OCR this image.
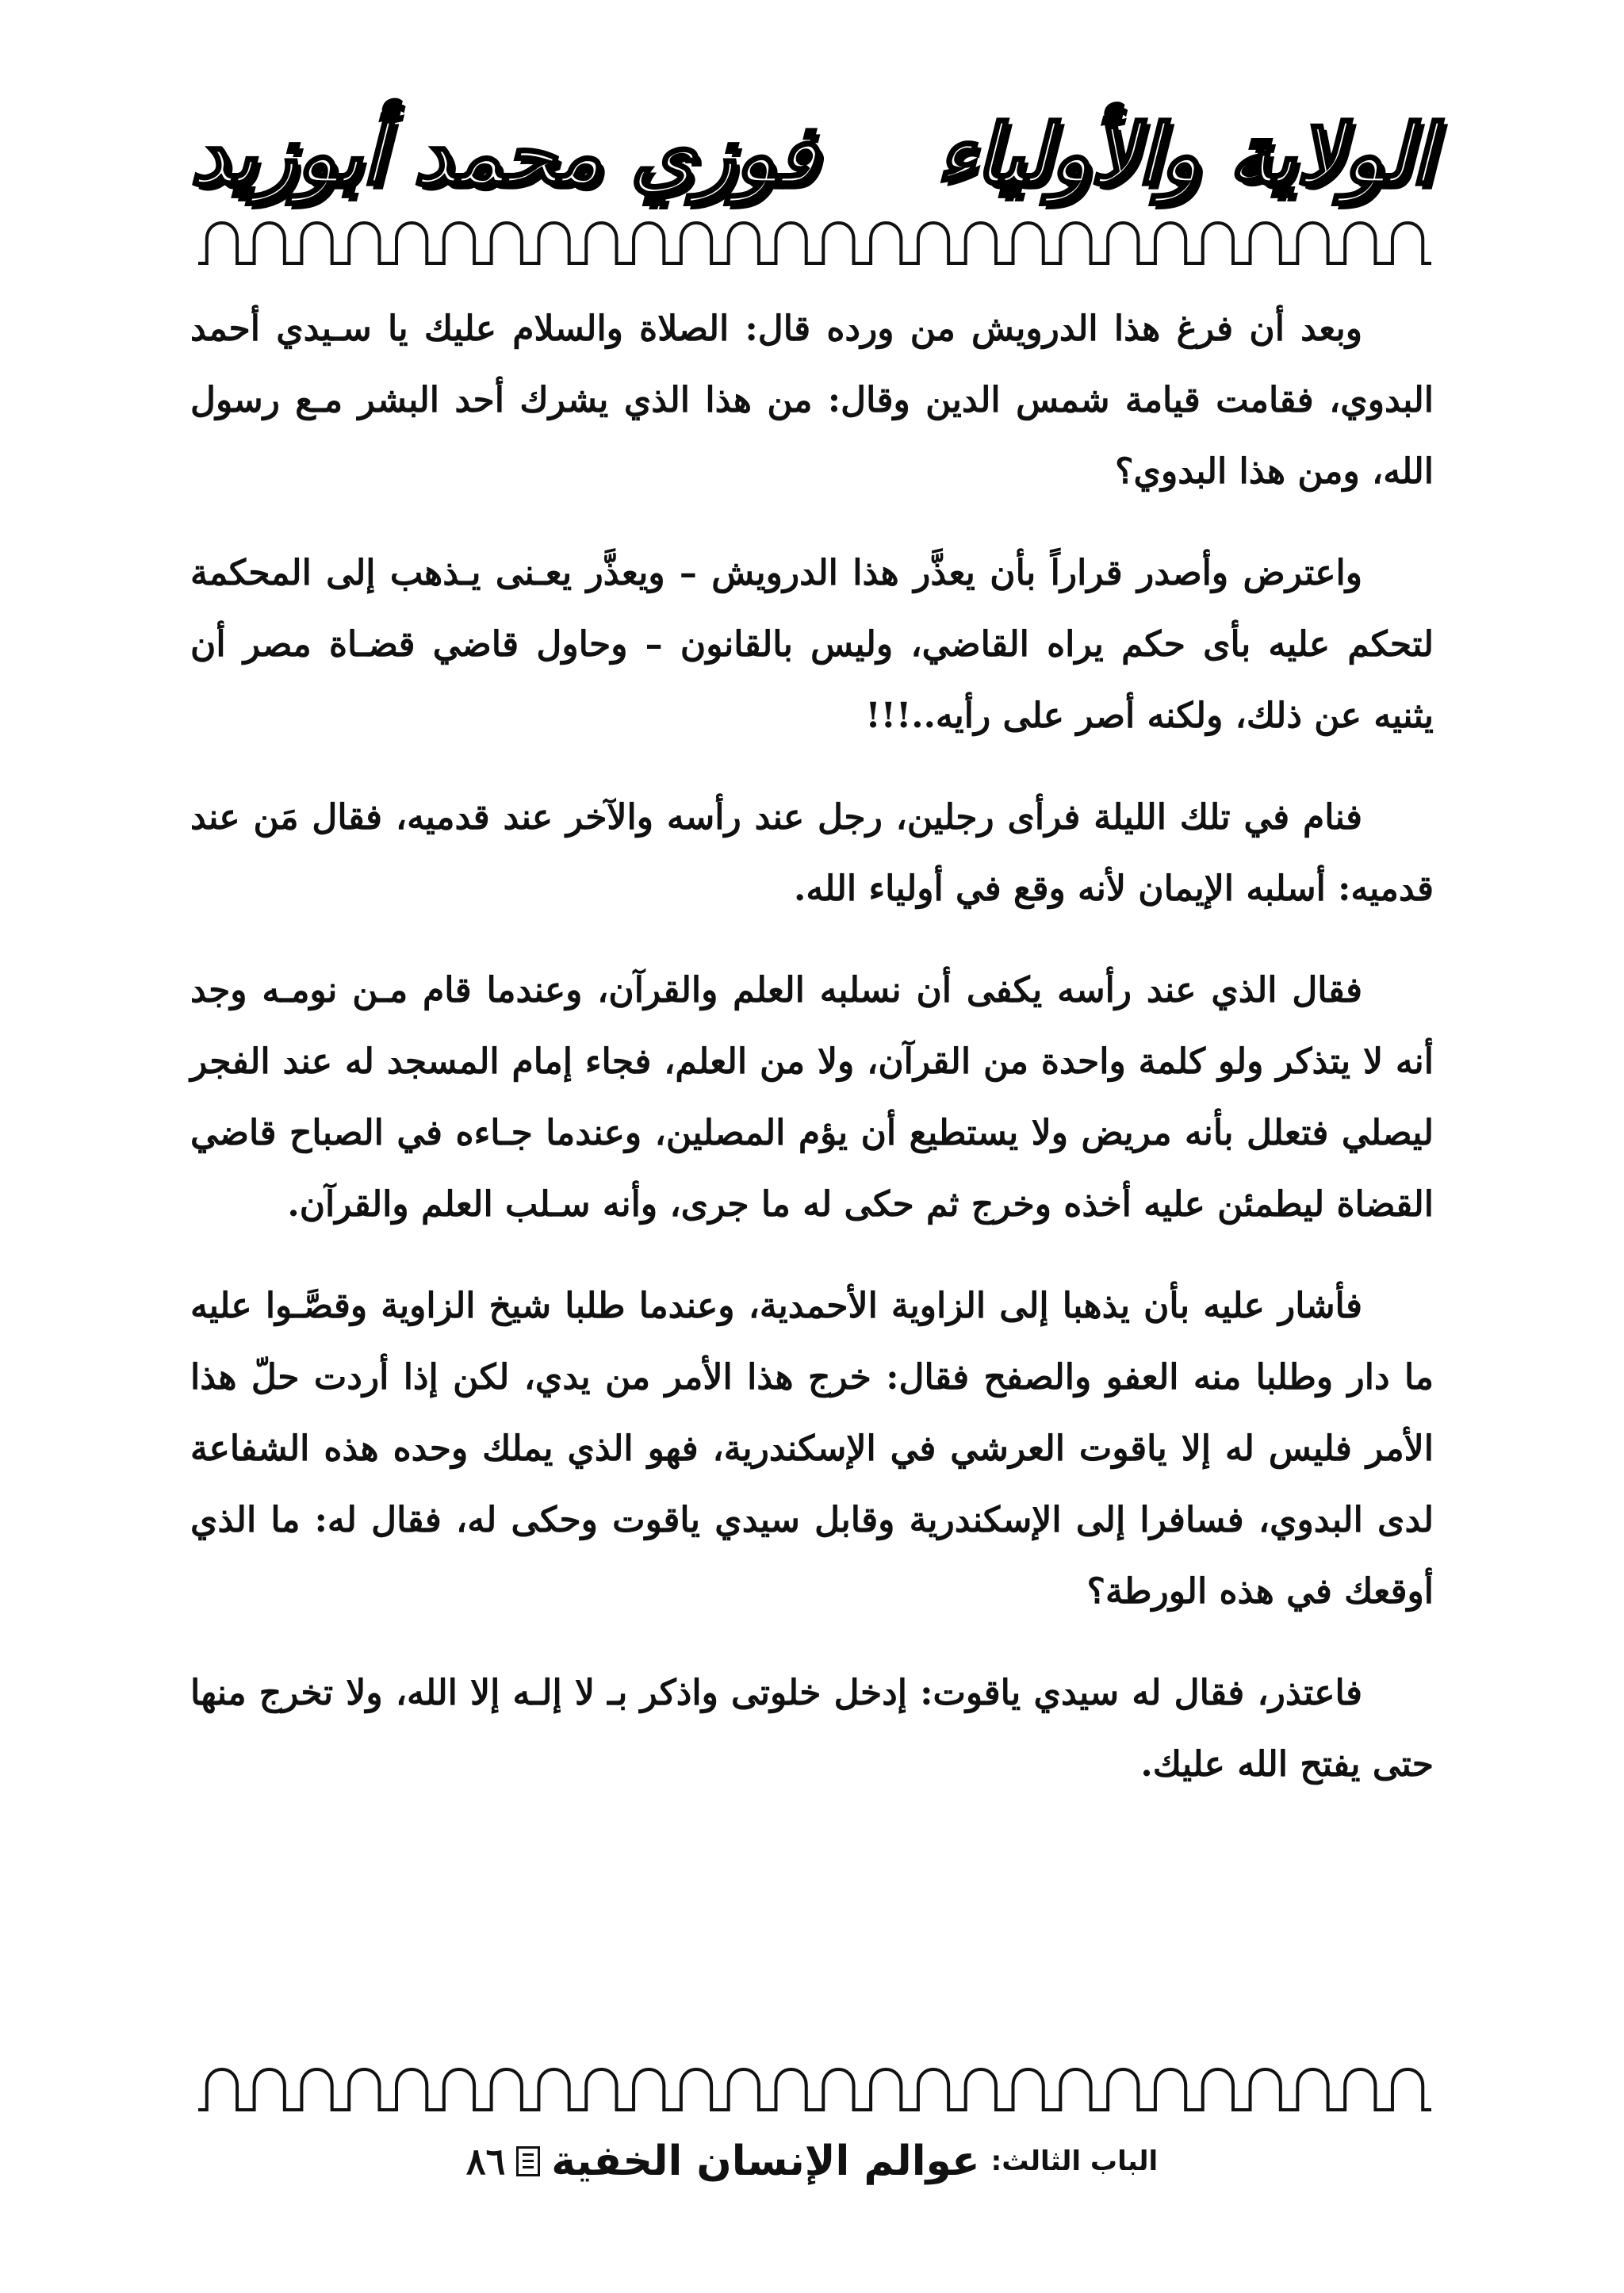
الولاية والأولياء
فوزي محمد أبوزيد

وبعد أن فرغ هذا الدرويش من ورده قال: الصلاة والسلام عليك يا سـيدي أحمد البدوي، فقامت قيامة شمس الدين وقال: من هذا الذي يشرك أحد البشر مـع رسول الله، ومن هذا البدوي؟

واعترض وأصدر قراراً بأن يعذَّر هذا الدرويش – ويعذَّر يعـنى يـذهب إلى المحكمة لتحكم عليه بأى حكم يراه القاضي، وليس بالقانون – وحاول قاضي قضـاة مصر أن يثنيه عن ذلك، ولكنه أصر على رأيه..!!!

فنام في تلك الليلة فرأى رجلين، رجل عند رأسه والآخر عند قدميه، فقال مَن عند قدميه: أسلبه الإيمان لأنه وقع في أولياء الله.

فقال الذي عند رأسه يكفى أن نسلبه العلم والقرآن، وعندما قام مـن نومـه وجد أنه لا يتذكر ولو كلمة واحدة من القرآن، ولا من العلم، فجاء إمام المسجد له عند الفجر ليصلي فتعلل بأنه مريض ولا يستطيع أن يؤم المصلين، وعندما جـاءه في الصباح قاضي القضاة ليطمئن عليه أخذه وخرج ثم حكى له ما جرى، وأنه سـلب العلم والقرآن.

فأشار عليه بأن يذهبا إلى الزاوية الأحمدية، وعندما طلبا شيخ الزاوية وقصَّـوا عليه ما دار وطلبا منه العفو والصفح فقال: خرج هذا الأمر من يدي، لكن إذا أردت حلّ هذا الأمر فليس له إلا ياقوت العرشي في الإسكندرية، فهو الذي يملك وحده هذه الشفاعة لدى البدوي، فسافرا إلى الإسكندرية وقابل سيدي ياقوت وحكى له، فقال له: ما الذي أوقعك في هذه الورطة؟

فاعتذر، فقال له سيدي ياقوت: إدخل خلوتى واذكر بـ لا إلـه إلا الله، ولا تخرج منها حتى يفتح الله عليك.

الباب الثالث:
عوالم الإنسان الخفية
٨٦
